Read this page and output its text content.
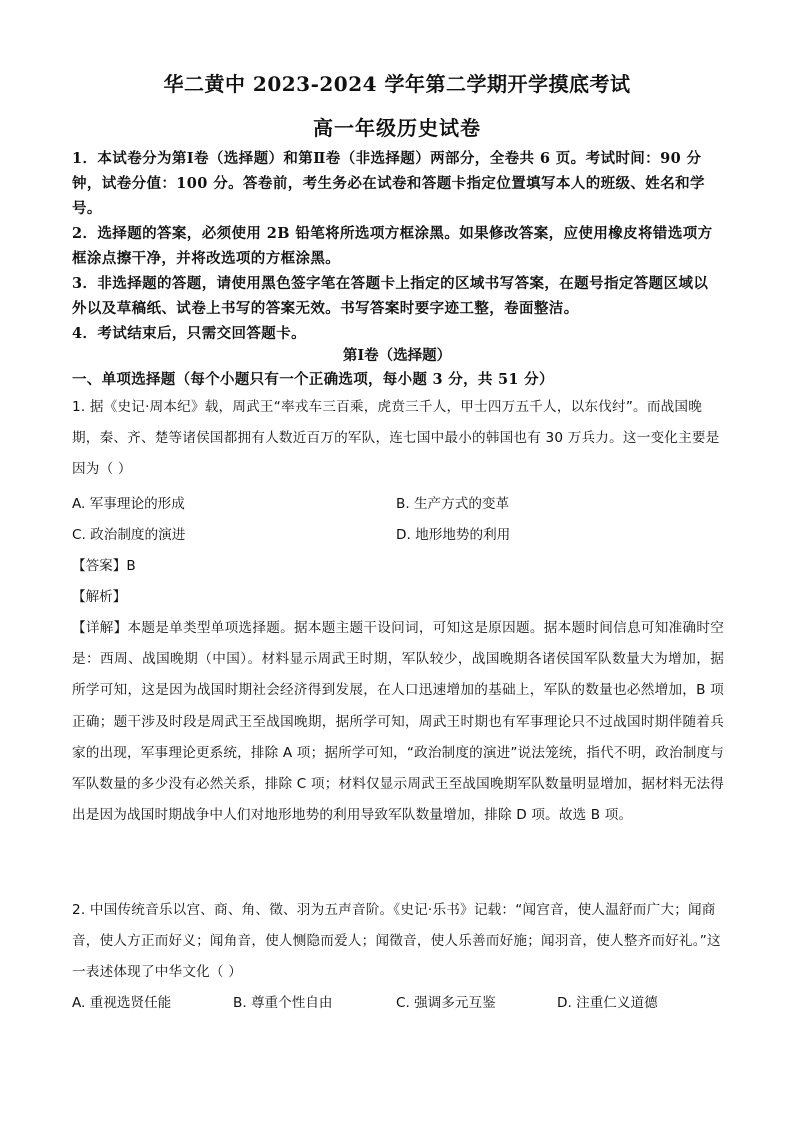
华二黄中 2023-2024 学年第二学期开学摸底考试
高一年级历史试卷
1．本试卷分为第Ⅰ卷（选择题）和第Ⅱ卷（非选择题）两部分，全卷共 6 页。考试时间：90 分钟，试卷分值：100 分。答卷前，考生务必在试卷和答题卡指定位置填写本人的班级、姓名和学号。
2．选择题的答案，必须使用 2B 铅笔将所选项方框涂黑。如果修改答案，应使用橡皮将错选项方框涂点擦干净，并将改选项的方框涂黑。
3．非选择题的答题，请使用黑色签字笔在答题卡上指定的区域书写答案，在题号指定答题区域以外以及草稿纸、试卷上书写的答案无效。书写答案时要字迹工整，卷面整洁。
4．考试结束后，只需交回答题卡。
第Ⅰ卷（选择题）
一、单项选择题（每个小题只有一个正确选项，每小题 3 分，共 51 分）
1. 据《史记·周本纪》载，周武王“率戎车三百乘，虎贲三千人，甲士四万五千人，以东伐纣”。而战国晚期，秦、齐、楚等诸侯国都拥有人数近百万的军队，连七国中最小的韩国也有 30 万兵力。这一变化主要是因为（ ）
A. 军事理论的形成	B. 生产方式的变革
C. 政治制度的演进	D. 地形地势的利用
【答案】B
【解析】
【详解】本题是单类型单项选择题。据本题主题干设问词，可知这是原因题。据本题时间信息可知准确时空是：西周、战国晚期（中国）。材料显示周武王时期，军队较少，战国晚期各诸侯国军队数量大为增加，据所学可知，这是因为战国时期社会经济得到发展，在人口迅速增加的基础上，军队的数量也必然增加，B 项正确；题干涉及时段是周武王至战国晚期，据所学可知，周武王时期也有军事理论只不过战国时期伴随着兵家的出现，军事理论更系统，排除 A 项；据所学可知，“政治制度的演进”说法笼统，指代不明，政治制度与军队数量的多少没有必然关系，排除 C 项；材料仅显示周武王至战国晚期军队数量明显增加，据材料无法得出是因为战国时期战争中人们对地形地势的利用导致军队数量增加，排除 D 项。故选 B 项。
2. 中国传统音乐以宫、商、角、徵、羽为五声音阶。《史记·乐书》记载：“闻宫音，使人温舒而广大；闻商音，使人方正而好义；闻角音，使人恻隐而爱人；闻徵音，使人乐善而好施；闻羽音，使人整齐而好礼。”这一表述体现了中华文化（ ）
A. 重视选贤任能	B. 尊重个性自由	C. 强调多元互鉴	D. 注重仁义道德
